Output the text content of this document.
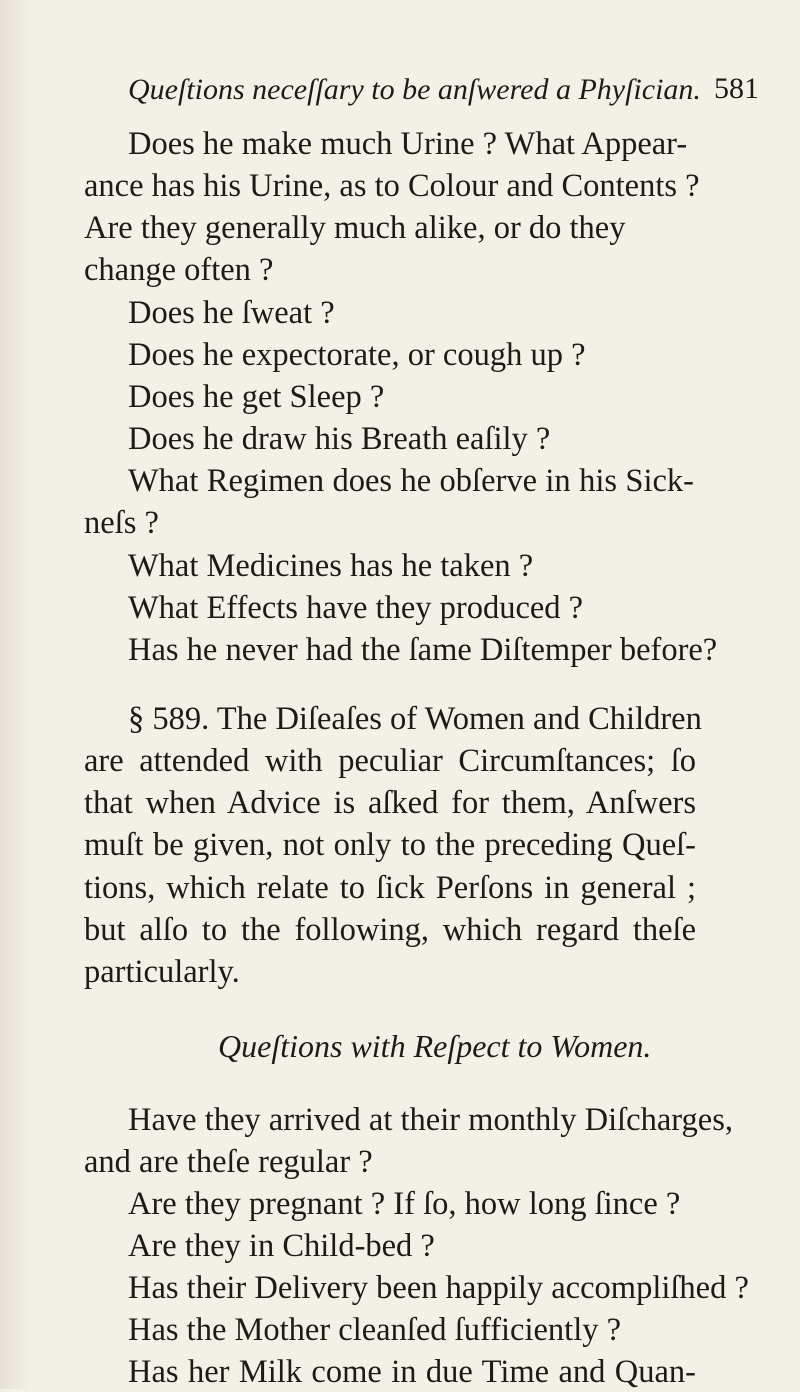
Queſtions neceſſary to be anſwered a Phyſician. 581
Does he make much Urine ? What Appear-
ance has his Urine, as to Colour and Contents ?
Are they generally much alike, or do they
change often ?
Does he ſweat ?
Does he expectorate, or cough up ?
Does he get Sleep ?
Does he draw his Breath eaſily ?
What Regimen does he obſerve in his Sick-
neſs ?
What Medicines has he taken ?
What Effects have they produced ?
Has he never had the ſame Diſtemper before?
§ 589. The Diſeaſes of Women and Children
are attended with peculiar Circumſtances; ſo
that when Advice is aſked for them, Anſwers
muſt be given, not only to the preceding Queſ-
tions, which relate to ſick Perſons in general ;
but alſo to the following, which regard theſe
particularly.
Queſtions with Reſpect to Women.
Have they arrived at their monthly Diſcharges,
and are theſe regular ?
Are they pregnant ? If ſo, how long ſince ?
Are they in Child-bed ?
Has their Delivery been happily accompliſhed ?
Has the Mother cleanſed ſufficiently ?
Has her Milk come in due Time and Quan-
